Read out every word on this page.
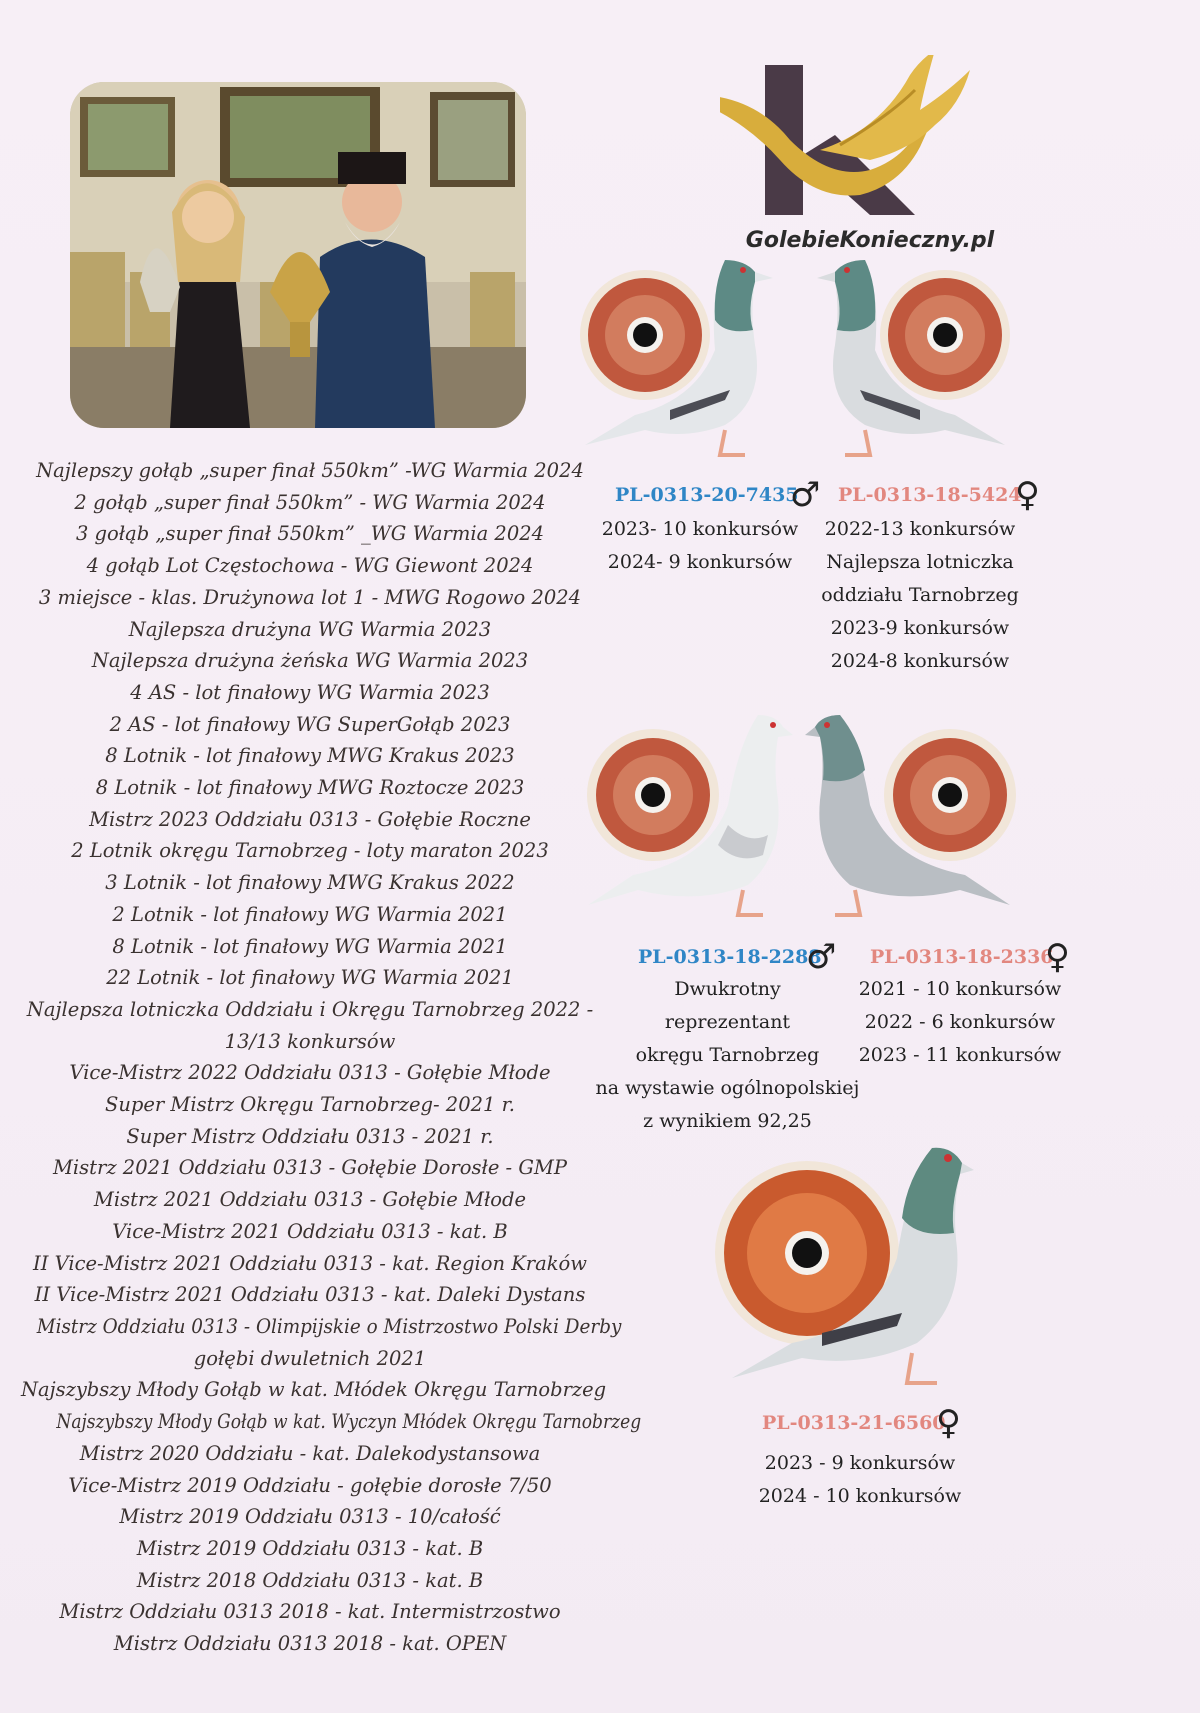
Najlepszy gołąb „super finał 550km” -WG Warmia 2024
2 gołąb „super finał 550km” - WG Warmia 2024
3 gołąb „super finał 550km” _WG Warmia 2024
4 gołąb Lot Częstochowa - WG Giewont 2024
3 miejsce - klas. Drużynowa lot 1 - MWG Rogowo 2024
Najlepsza drużyna WG Warmia 2023
Najlepsza drużyna żeńska WG Warmia 2023
4 AS - lot finałowy WG Warmia 2023
2 AS - lot finałowy WG SuperGołąb 2023
8 Lotnik - lot finałowy MWG Krakus 2023
8 Lotnik - lot finałowy MWG Roztocze 2023
Mistrz 2023 Oddziału 0313 - Gołębie Roczne
2 Lotnik okręgu Tarnobrzeg - loty maraton 2023
3 Lotnik - lot finałowy MWG Krakus 2022
2 Lotnik - lot finałowy WG Warmia 2021
8 Lotnik - lot finałowy WG Warmia 2021
22 Lotnik - lot finałowy WG Warmia 2021
Najlepsza lotniczka Oddziału i Okręgu Tarnobrzeg 2022 -
13/13 konkursów
Vice-Mistrz 2022 Oddziału 0313 - Gołębie Młode
Super Mistrz Okręgu Tarnobrzeg- 2021 r.
Super Mistrz Oddziału 0313 - 2021 r.
Mistrz 2021 Oddziału 0313 - Gołębie Dorosłe - GMP
Mistrz 2021 Oddziału 0313 - Gołębie Młode
Vice-Mistrz 2021 Oddziału 0313 - kat. B
II Vice-Mistrz 2021 Oddziału 0313 - kat. Region Kraków
II Vice-Mistrz 2021 Oddziału 0313 - kat. Daleki Dystans
Mistrz Oddziału 0313 - Olimpijskie o Mistrzostwo Polski Derby
gołębi dwuletnich 2021
Najszybszy Młody Gołąb w kat. Młódek Okręgu Tarnobrzeg
Najszybszy Młody Gołąb w kat. Wyczyn Młódek Okręgu Tarnobrzeg
Mistrz 2020 Oddziału - kat. Dalekodystansowa
Vice-Mistrz 2019 Oddziału - gołębie dorosłe 7/50
Mistrz 2019 Oddziału 0313 - 10/całość
Mistrz 2019 Oddziału 0313 - kat. B
Mistrz 2018 Oddziału 0313 - kat. B
Mistrz Oddziału 0313 2018 - kat. Intermistrzostwo
Mistrz Oddziału 0313 2018 - kat. OPEN
GolebieKonieczny.pl
PL-0313-20-7435
♂
2023- 10 konkursów
2024- 9 konkursów
PL-0313-18-5424
♀
2022-13 konkursów
Najlepsza lotniczka
oddziału Tarnobrzeg
2023-9 konkursów
2024-8 konkursów
PL-0313-18-2288
♂
Dwukrotny
reprezentant
okręgu Tarnobrzeg
na wystawie ogólnopolskiej
z wynikiem 92,25
PL-0313-18-2336
♀
2021 - 10 konkursów
2022 - 6 konkursów
2023 - 11 konkursów
PL-0313-21-6560
♀
2023 - 9 konkursów
2024 - 10 konkursów
